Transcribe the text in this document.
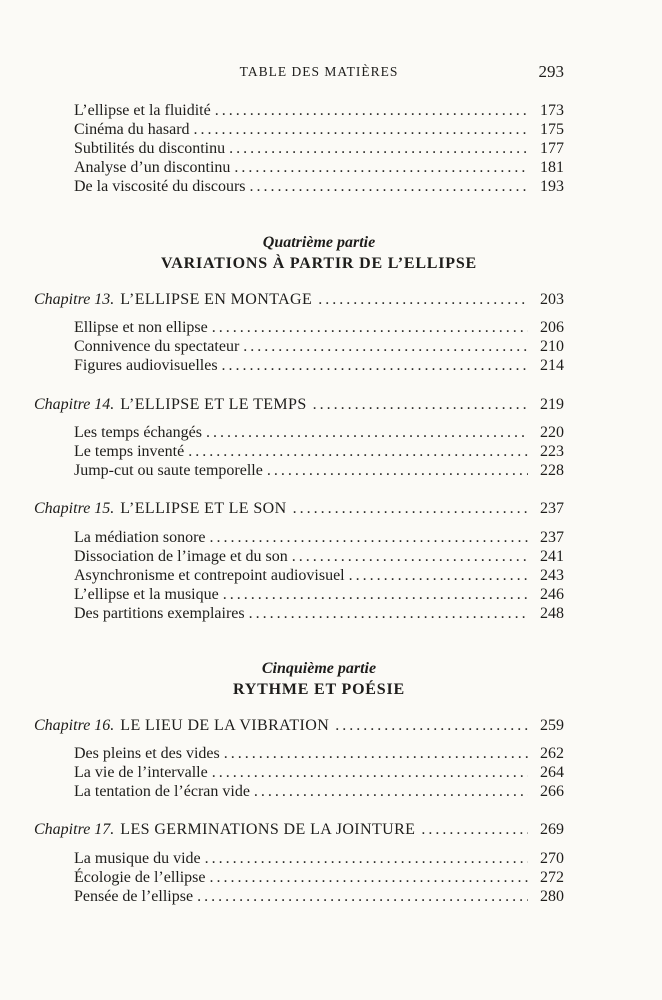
TABLE DES MATIÈRES	293
L’ellipse et la fluidité . . .	173
Cinéma du hasard . . .	175
Subtilités du discontinu . . .	177
Analyse d’un discontinu . . .	181
De la viscosité du discours . . .	193
Quatrième partie
VARIATIONS À PARTIR DE L’ELLIPSE
Chapitre 13. L’ELLIPSE EN MONTAGE . . .	203
Ellipse et non ellipse . . .	206
Connivence du spectateur . . .	210
Figures audiovisuelles . . .	214
Chapitre 14. L’ELLIPSE ET LE TEMPS . . .	219
Les temps échangés . . .	220
Le temps inventé . . .	223
Jump-cut ou saute temporelle . . .	228
Chapitre 15. L’ELLIPSE ET LE SON . . .	237
La médiation sonore . . .	237
Dissociation de l’image et du son . . .	241
Asynchronisme et contrepoint audiovisuel . . .	243
L’ellipse et la musique . . .	246
Des partitions exemplaires . . .	248
Cinquième partie
RYTHME ET POÉSIE
Chapitre 16. LE LIEU DE LA VIBRATION . . .	259
Des pleins et des vides . . .	262
La vie de l’intervalle . . .	264
La tentation de l’écran vide . . .	266
Chapitre 17. LES GERMINATIONS DE LA JOINTURE . . .	269
La musique du vide . . .	270
Écologie de l’ellipse . . .	272
Pensée de l’ellipse . . .	280
